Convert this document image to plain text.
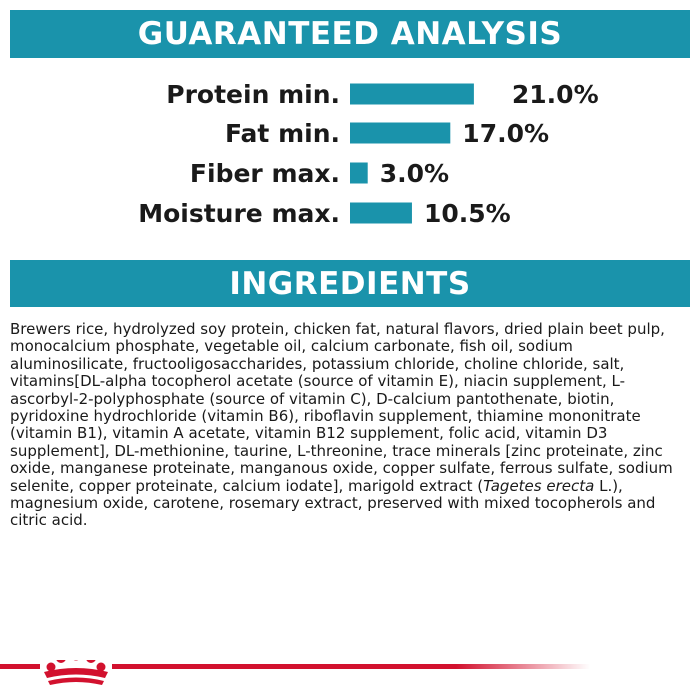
GUARANTEED ANALYSIS
Protein min.	21.0%
Fat min.	17.0%
Fiber max. 3.0%
Moisture max.	10.5%
INGREDIENTS
Brewers rice, hydrolyzed soy protein, chicken fat, natural flavors, dried plain beet pulp, monocalcium phosphate, vegetable oil, calcium carbonate, fish oil, sodium aluminosilicate, fructooligosaccharides, potassium chloride, choline chloride, salt, vitamins[DL-alpha tocopherol acetate (source of vitamin E), niacin supplement, L-ascorbyl-2-polyphosphate (source of vitamin C), D-calcium pantothenate, biotin, pyridoxine hydrochloride (vitamin B6), riboflavin supplement, thiamine mononitrate (vitamin B1), vitamin A acetate, vitamin B12 supplement, folic acid, vitamin D3 supplement], DL-methionine, taurine, L-threonine, trace minerals [zinc proteinate, zinc oxide, manganese proteinate, manganous oxide, copper sulfate, ferrous sulfate, sodium selenite, copper proteinate, calcium iodate], marigold extract (Tagetes erecta L.), magnesium oxide, carotene, rosemary extract, preserved with mixed tocopherols and citric acid.
